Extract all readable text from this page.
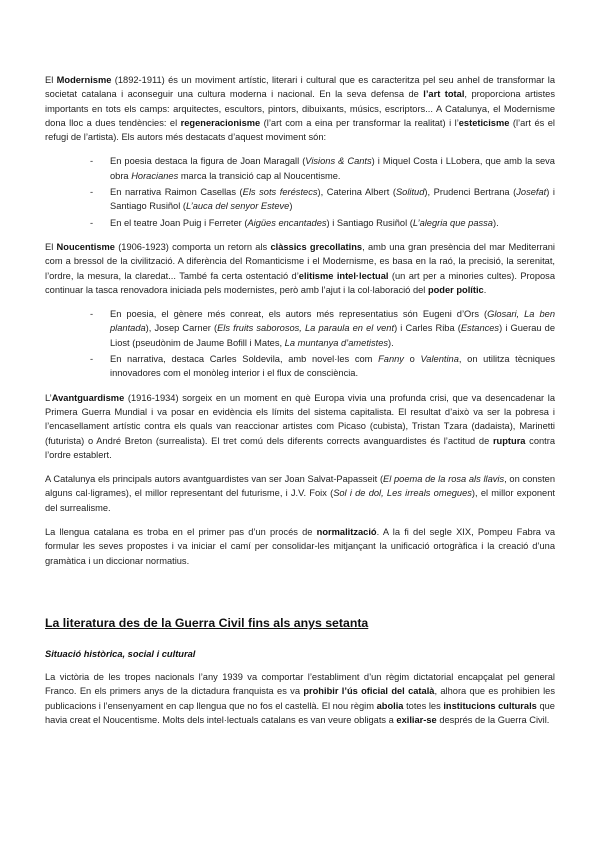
El Modernisme (1892-1911) és un moviment artístic, literari i cultural que es caracteritza pel seu anhel de transformar la societat catalana i aconseguir una cultura moderna i nacional. En la seva defensa de l’art total, proporciona artistes importants en tots els camps: arquitectes, escultors, pintors, dibuixants, músics, escriptors... A Catalunya, el Modernisme dona lloc a dues tendències: el regeneracionisme (l’art com a eina per transformar la realitat) i l’esteticisme (l’art és el refugi de l’artista). Els autors més destacats d’aquest moviment són:

- En poesia destaca la figura de Joan Maragall (Visions & Cants) i Miquel Costa i LLobera, que amb la seva obra Horacianes marca la transició cap al Noucentisme.
- En narrativa Raimon Casellas (Els sots feréstecs), Caterina Albert (Solitud), Prudenci Bertrana (Josefat) i Santiago Rusiñol (L’auca del senyor Esteve)
- En el teatre Joan Puig i Ferreter (Aigües encantades) i Santiago Rusiñol (L’alegria que passa).

El Noucentisme (1906-1923) comporta un retorn als clàssics grecollatins, amb una gran presència del mar Mediterrani com a bressol de la civilització. A diferència del Romanticisme i el Modernisme, es basa en la raó, la precisió, la serenitat, l’ordre, la mesura, la claredat... També fa certa ostentació d’elitisme intel·lectual (un art per a minories cultes). Proposa continuar la tasca renovadora iniciada pels modernistes, però amb l’ajut i la col·laboració del poder polític.

- En poesia, el gènere més conreat, els autors més representatius són Eugeni d’Ors (Glosari, La ben plantada), Josep Carner (Els fruits saborosos, La paraula en el vent) i Carles Riba (Estances) i Guerau de Liost (pseudònim de Jaume Bofill i Mates, La muntanya d’ametistes).
- En narrativa, destaca Carles Soldevila, amb novel·les com Fanny o Valentina, on utilitza tècniques innovadores com el monòleg interior i el flux de consciència.

L’Avantguardisme (1916-1934) sorgeix en un moment en què Europa vivia una profunda crisi, que va desencadenar la Primera Guerra Mundial i va posar en evidència els límits del sistema capitalista. El resultat d’això va ser la pobresa i l’encasellament artístic contra els quals van reaccionar artistes com Picaso (cubista), Tristan Tzara (dadaista), Marinetti (futurista) o André Breton (surrealista). El tret comú dels diferents corrects avanguardistes és l’actitud de ruptura contra l’ordre establert.

A Catalunya els principals autors avantguardistes van ser Joan Salvat-Papasseit (El poema de la rosa als llavis, on consten alguns cal·ligrames), el millor representant del futurisme, i J.V. Foix (Sol i de dol, Les irreals omegues), el millor exponent del surrealisme.

La llengua catalana es troba en el primer pas d’un procés de normalització. A la fi del segle XIX, Pompeu Fabra va formular les seves propostes i va iniciar el camí per consolidar-les mitjançant la unificació ortogràfica i la creació d’una gramàtica i un diccionar normatius.

La literatura des de la Guerra Civil fins als anys setanta
Situació històrica, social i cultural

La victòria de les tropes nacionals l’any 1939 va comportar l’establiment d’un règim dictatorial encapçalat pel general Franco. En els primers anys de la dictadura franquista es va prohibir l’ús oficial del català, alhora que es prohibien les publicacions i l’ensenyament en cap llengua que no fos el castellà. El nou règim abolia totes les institucions culturals que havia creat el Noucentisme. Molts dels intel·lectuals catalans es van veure obligats a exiliar-se després de la Guerra Civil.
